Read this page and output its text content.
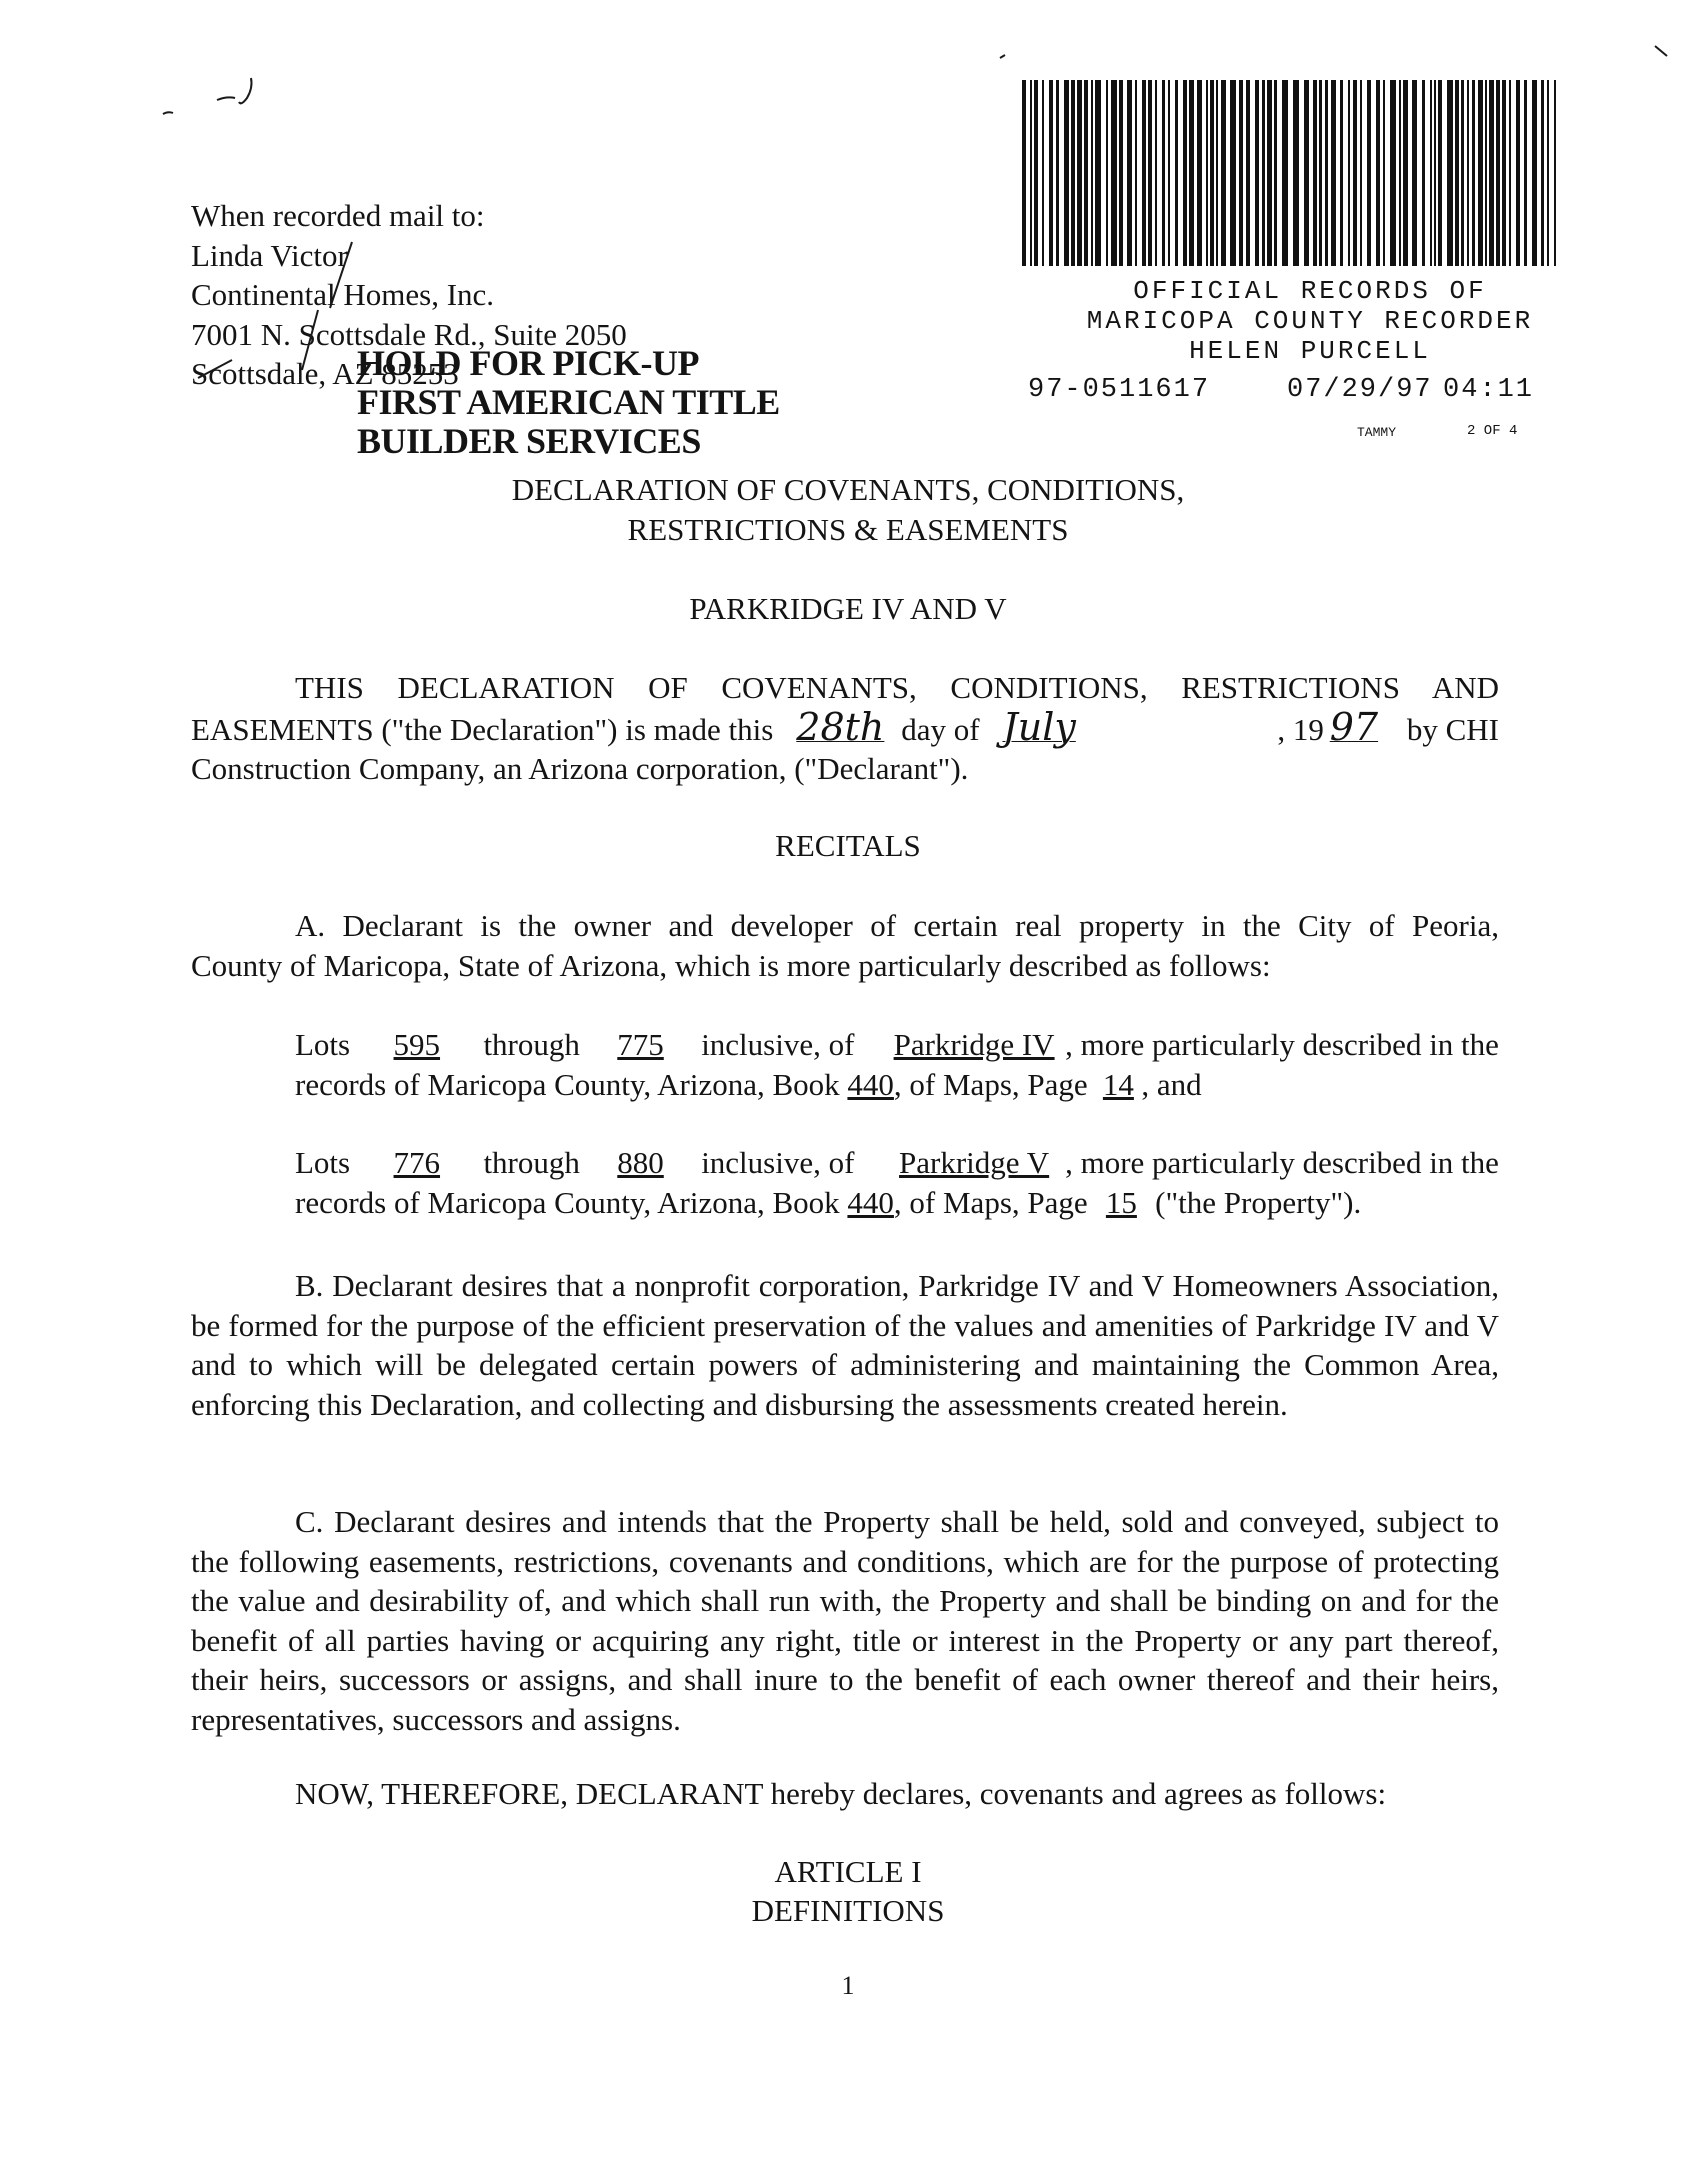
When recorded mail to:
Linda Victor
Continental Homes, Inc.
7001 N. Scottsdale Rd., Suite 2050
Scottsdale, AZ 85253
HOLD FOR PICK-UP
FIRST AMERICAN TITLE
BUILDER SERVICES
OFFICIAL RECORDS OF
MARICOPA COUNTY RECORDER
HELEN PURCELL
97-0511617	07/29/97 04:11
TAMMY	2 OF 4
DECLARATION OF COVENANTS, CONDITIONS,
RESTRICTIONS & EASEMENTS
PARKRIDGE IV AND V
THIS DECLARATION OF COVENANTS, CONDITIONS, RESTRICTIONS AND
EASEMENTS ("the Declaration") is made this 28th day of July	, 19 97 by CHI
Construction Company, an Arizona corporation, ("Declarant").
RECITALS
A. Declarant is the owner and developer of certain real property in the City of Peoria,
County of Maricopa, State of Arizona, which is more particularly described as follows:
Lots	595	through 775 inclusive, of	Parkridge IV , more particularly described in the
records of Maricopa County, Arizona, Book 440, of Maps, Page 14 , and
Lots	776	through 880 inclusive, of	Parkridge V , more particularly described in the
records of Maricopa County, Arizona, Book 440, of Maps, Page 15 ("the Property").
B. Declarant desires that a nonprofit corporation, Parkridge IV and V Homeowners Association, be formed for the purpose of the efficient preservation of the values and amenities of Parkridge IV and V and to which will be delegated certain powers of administering and maintaining the Common Area, enforcing this Declaration, and collecting and disbursing the assessments created herein.
C. Declarant desires and intends that the Property shall be held, sold and conveyed, subject to the following easements, restrictions, covenants and conditions, which are for the purpose of protecting the value and desirability of, and which shall run with, the Property and shall be binding on and for the benefit of all parties having or acquiring any right, title or interest in the Property or any part thereof, their heirs, successors or assigns, and shall inure to the benefit of each owner thereof and their heirs, representatives, successors and assigns.
NOW, THEREFORE, DECLARANT hereby declares, covenants and agrees as follows:
ARTICLE I
DEFINITIONS
1
